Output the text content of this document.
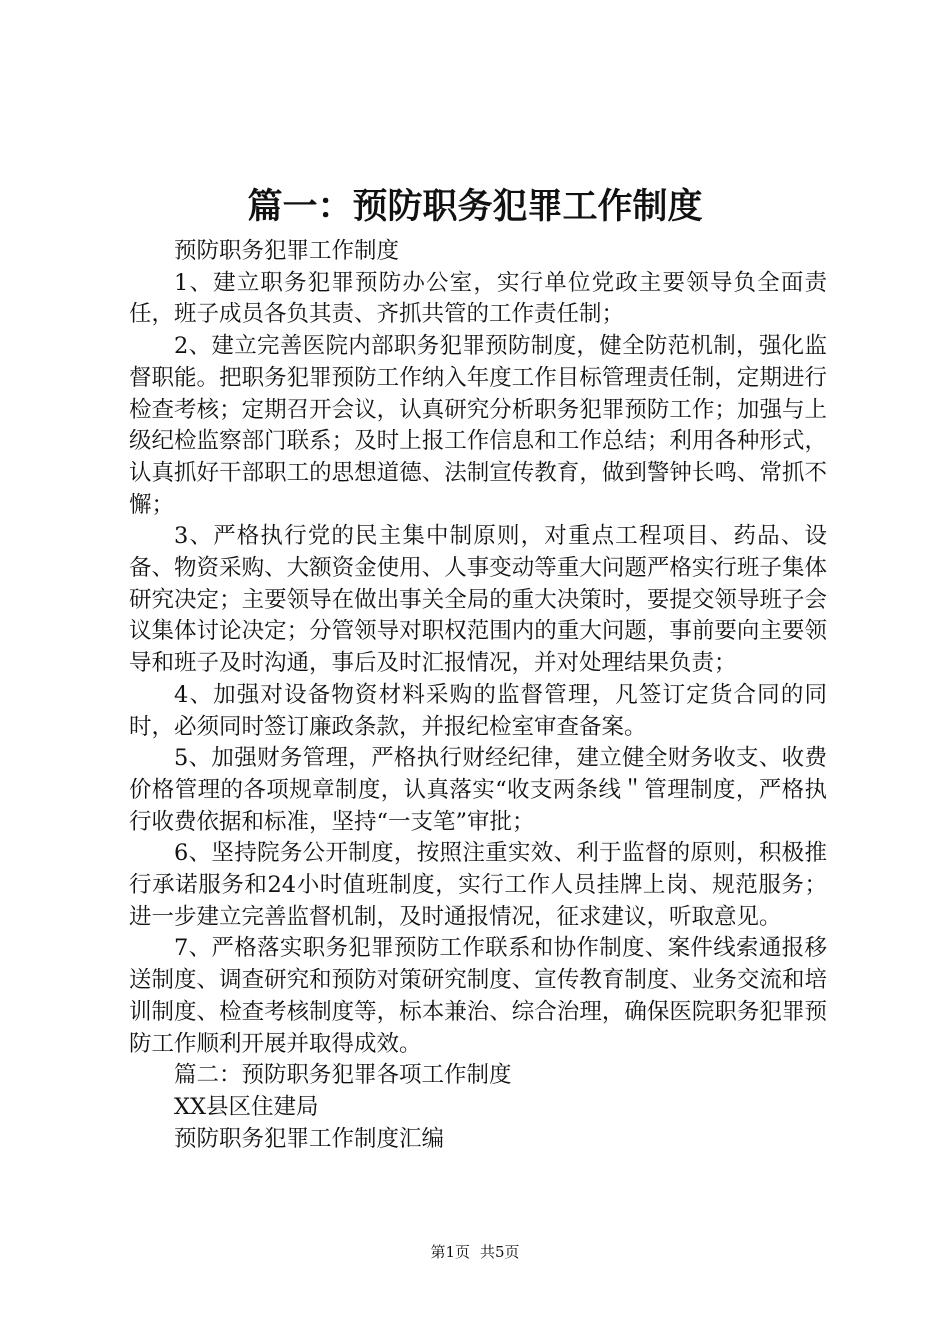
篇一：预防职务犯罪工作制度

预防职务犯罪工作制度

1、建立职务犯罪预防办公室，实行单位党政主要领导负全面责任，班子成员各负其责、齐抓共管的工作责任制；

2、建立完善医院内部职务犯罪预防制度，健全防范机制，强化监督职能。把职务犯罪预防工作纳入年度工作目标管理责任制，定期进行检查考核；定期召开会议，认真研究分析职务犯罪预防工作；加强与上级纪检监察部门联系；及时上报工作信息和工作总结；利用各种形式，认真抓好干部职工的思想道德、法制宣传教育，做到警钟长鸣、常抓不懈；

3、严格执行党的民主集中制原则，对重点工程项目、药品、设备、物资采购、大额资金使用、人事变动等重大问题严格实行班子集体研究决定；主要领导在做出事关全局的重大决策时，要提交领导班子会议集体讨论决定；分管领导对职权范围内的重大问题，事前要向主要领导和班子及时沟通，事后及时汇报情况，并对处理结果负责；

4、加强对设备物资材料采购的监督管理，凡签订定货合同的同时，必须同时签订廉政条款，并报纪检室审查备案。

5、加强财务管理，严格执行财经纪律，建立健全财务收支、收费价格管理的各项规章制度，认真落实“收支两条线＂管理制度，严格执行收费依据和标准，坚持“一支笔”审批；

6、坚持院务公开制度，按照注重实效、利于监督的原则，积极推行承诺服务和24小时值班制度，实行工作人员挂牌上岗、规范服务；进一步建立完善监督机制，及时通报情况，征求建议，听取意见。

7、严格落实职务犯罪预防工作联系和协作制度、案件线索通报移送制度、调查研究和预防对策研究制度、宣传教育制度、业务交流和培训制度、检查考核制度等，标本兼治、综合治理，确保医院职务犯罪预防工作顺利开展并取得成效。

篇二：预防职务犯罪各项工作制度

XX县区住建局

预防职务犯罪工作制度汇编

第1页 共5页
